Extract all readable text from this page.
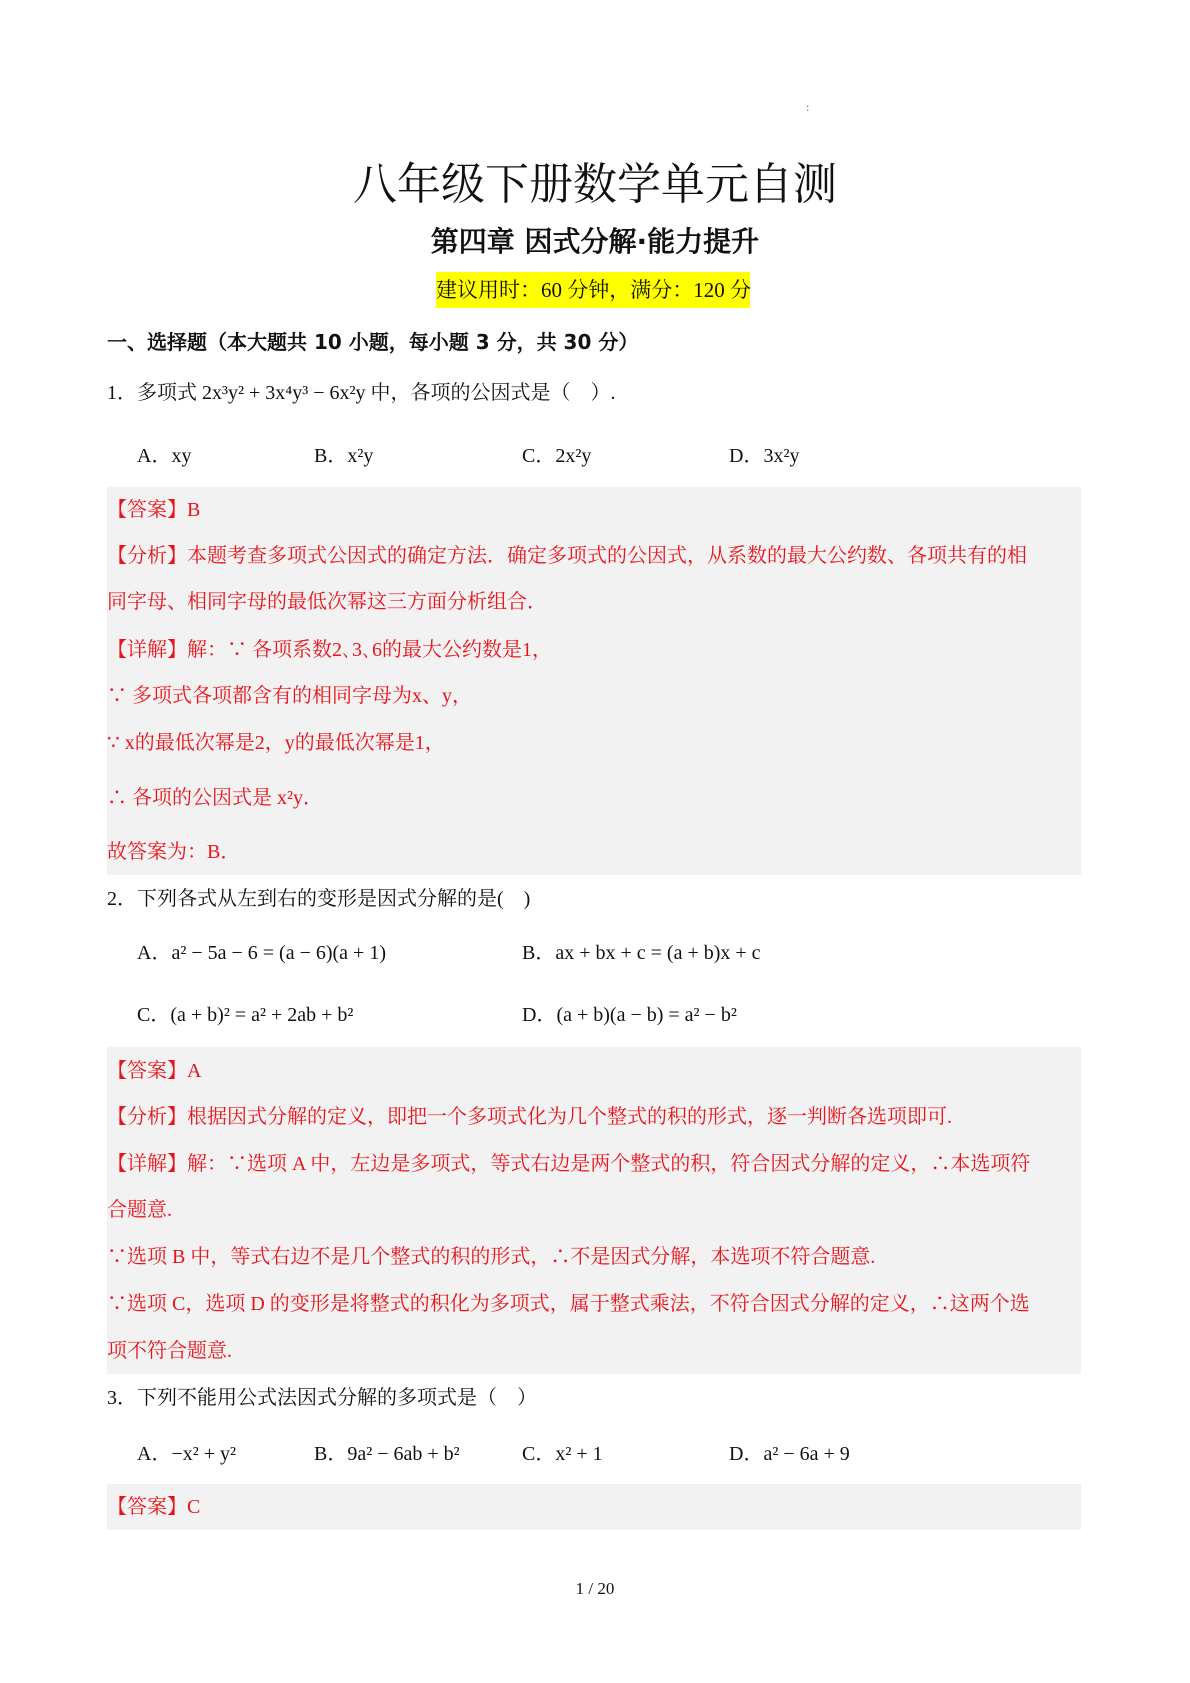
:
八年级下册数学单元自测
第四章 因式分解·能力提升
建议用时：60 分钟，满分：120 分
一、选择题（本大题共 10 小题，每小题 3 分，共 30 分）
1．多项式 2x³y² + 3x⁴y³ − 6x²y 中，各项的公因式是（　）.
A．xy	B．x²y	C．2x²y	D．3x²y
【答案】B
【分析】本题考查多项式公因式的确定方法．确定多项式的公因式，从系数的最大公约数、各项共有的相
同字母、相同字母的最低次幂这三方面分析组合．
【详解】解：∵ 各项系数2､3､6的最大公约数是1，
∵ 多项式各项都含有的相同字母为x、y，
∵ x的最低次幂是2，y的最低次幂是1，
∴ 各项的公因式是 x²y．
故答案为：B．
2．下列各式从左到右的变形是因式分解的是(　)
A．a² − 5a − 6 = (a − 6)(a + 1)	B．ax + bx + c = (a + b)x + c
C．(a + b)² = a² + 2ab + b²	D．(a + b)(a − b) = a² − b²
【答案】A
【分析】根据因式分解的定义，即把一个多项式化为几个整式的积的形式，逐一判断各选项即可.
【详解】解：∵选项 A 中，左边是多项式，等式右边是两个整式的积，符合因式分解的定义，∴本选项符
合题意.
∵选项 B 中，等式右边不是几个整式的积的形式，∴不是因式分解，本选项不符合题意.
∵选项 C，选项 D 的变形是将整式的积化为多项式，属于整式乘法，不符合因式分解的定义，∴这两个选
项不符合题意.
3．下列不能用公式法因式分解的多项式是（　）
A．−x² + y²	B．9a² − 6ab + b²	C．x² + 1	D．a² − 6a + 9
【答案】C
1 / 20
